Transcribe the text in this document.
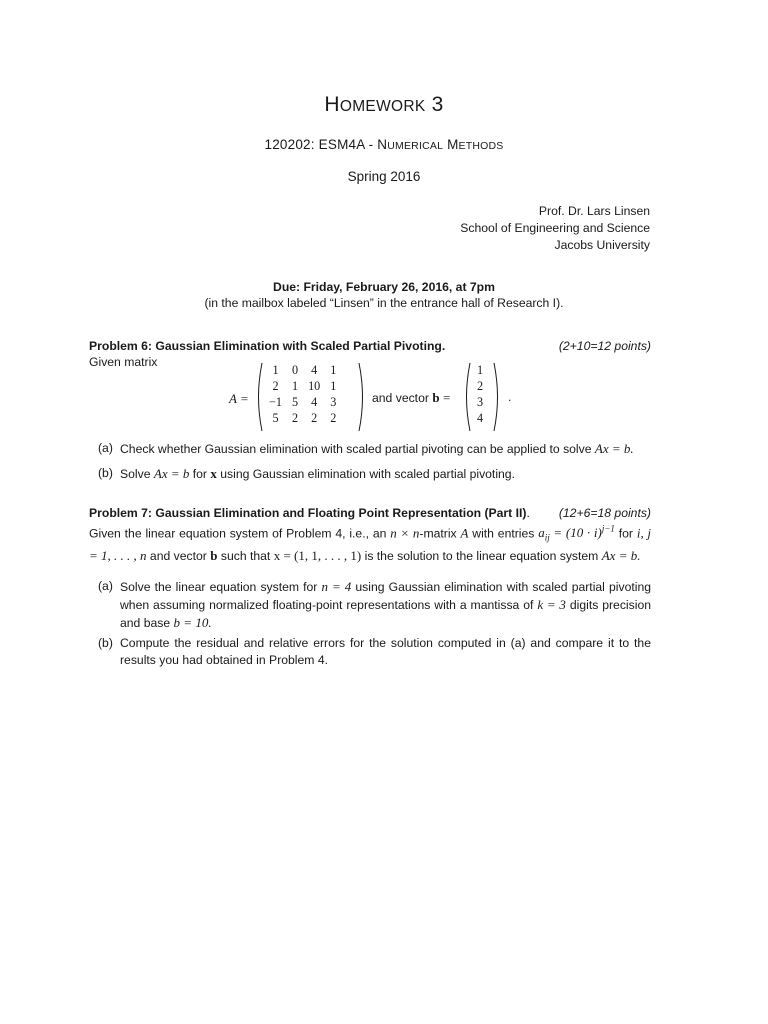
HOMEWORK 3
120202: ESM4A - NUMERICAL METHODS
Spring 2016
Prof. Dr. Lars Linsen
School of Engineering and Science
Jacobs University
Due: Friday, February 26, 2016, at 7pm
(in the mailbox labeled “Linsen” in the entrance hall of Research I).
Problem 6: Gaussian Elimination with Scaled Partial Pivoting.	(2+10=12 points)
Given matrix
A =
1	0	4	1
2	1	10	1
−1	5	4	3
5	2	2	2
and vector b =
1
2
3
4
.
(a) Check whether Gaussian elimination with scaled partial pivoting can be applied to solve Ax = b.
(b) Solve Ax = b for x using Gaussian elimination with scaled partial pivoting.
Problem 7: Gaussian Elimination and Floating Point Representation (Part II). (12+6=18 points)
Given the linear equation system of Problem 4, i.e., an n × n-matrix A with entries $a_{ij} = (10 \cdot i)^{j-1}$ for i, j = 1, . . . , n and vector b such that x = (1, 1, . . . , 1) is the solution to the linear equation system Ax = b.
(a) Solve the linear equation system for n = 4 using Gaussian elimination with scaled partial pivoting when assuming normalized floating-point representations with a mantissa of k = 3 digits precision and base b = 10.
(b) Compute the residual and relative errors for the solution computed in (a) and compare it to the results you had obtained in Problem 4.
